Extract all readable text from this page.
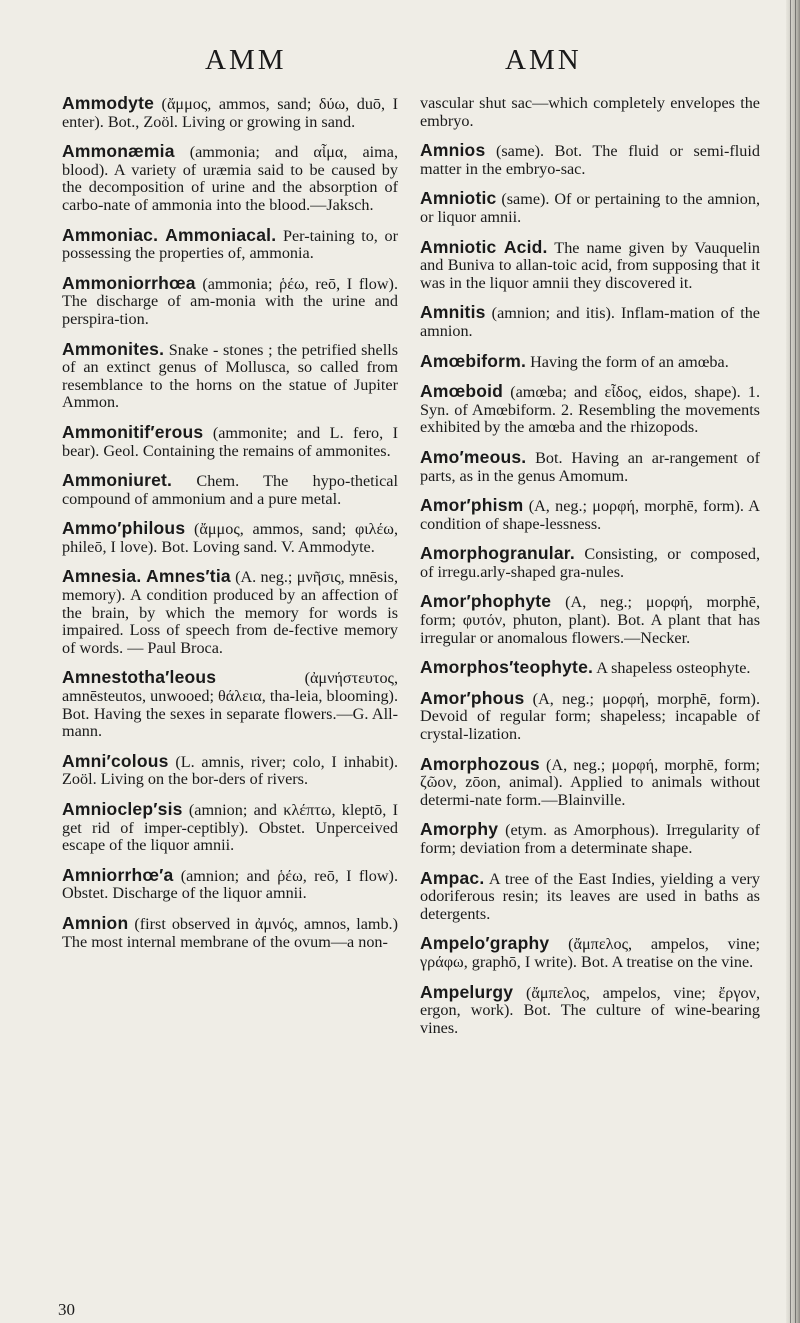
AMM	AMN

Ammodyte (ἄμμος, ammos, sand; δύω, duō, I enter). Bot., Zoöl. Living or growing in sand.

Ammonæmia (ammonia; and αἷμα, aima, blood). A variety of uræmia said to be caused by the decomposition of urine and the absorption of carbo-nate of ammonia into the blood.—Jaksch.

Ammoniac. Ammoniacal. Per-taining to, or possessing the properties of, ammonia.

Ammoniorrhœa (ammonia; ῥέω, reō, I flow). The discharge of am-monia with the urine and perspira-tion.

Ammonites. Snake - stones ; the petrified shells of an extinct genus of Mollusca, so called from resemblance to the horns on the statue of Jupiter Ammon.

Ammonitif′erous (ammonite; and L. fero, I bear). Geol. Containing the remains of ammonites.

Ammoniuret. Chem. The hypo-thetical compound of ammonium and a pure metal.

Ammo′philous (ἄμμος, ammos, sand; φιλέω, phileō, I love). Bot. Loving sand. V. Ammodyte.

Amnesia. Amnes′tia (A. neg.; μνῆσις, mnēsis, memory). A condition produced by an affection of the brain, by which the memory for words is impaired. Loss of speech from de-fective memory of words. — Paul Broca.

Amnestotha′leous (ἀμνήστευτος, amnēsteutos, unwooed; θάλεια, tha-leia, blooming). Bot. Having the sexes in separate flowers.—G. All-mann.

Amni′colous (L. amnis, river; colo, I inhabit). Zoöl. Living on the bor-ders of rivers.

Amnioclep′sis (amnion; and κλέπτω, kleptō, I get rid of imper-ceptibly). Obstet. Unperceived escape of the liquor amnii.

Amniorrhœ′a (amnion; and ῥέω, reō, I flow). Obstet. Discharge of the liquor amnii.

Amnion (first observed in ἀμνός, amnos, lamb.) The most internal membrane of the ovum—a non-

vascular shut sac—which completely envelopes the embryo.

Amnios (same). Bot. The fluid or semi-fluid matter in the embryo-sac.

Amniotic (same). Of or pertaining to the amnion, or liquor amnii.

Amniotic Acid. The name given by Vauquelin and Buniva to allan-toic acid, from supposing that it was in the liquor amnii they discovered it.

Amnitis (amnion; and itis). Inflam-mation of the amnion.

Amœbiform. Having the form of an amœba.

Amœboid (amœba; and εἶδος, eidos, shape). 1. Syn. of Amœbiform. 2. Resembling the movements exhibited by the amœba and the rhizopods.

Amo′meous. Bot. Having an ar-rangement of parts, as in the genus Amomum.

Amor′phism (A, neg.; μορφή, morphē, form). A condition of shape-lessness.

Amorphogranular. Consisting, or composed, of irregu.arly-shaped gra-nules.

Amor′phophyte (A, neg.; μορφή, morphē, form; φυτόν, phuton, plant). Bot. A plant that has irregular or anomalous flowers.—Necker.

Amorphos′teophyte. A shapeless osteophyte.

Amor′phous (A, neg.; μορφή, morphē, form). Devoid of regular form; shapeless; incapable of crystal-lization.

Amorphozous (A, neg.; μορφή, morphē, form; ζῶον, zōon, animal). Applied to animals without determi-nate form.—Blainville.

Amorphy (etym. as Amorphous). Irregularity of form; deviation from a determinate shape.

Ampac. A tree of the East Indies, yielding a very odoriferous resin; its leaves are used in baths as detergents.

Ampelo′graphy (ἄμπελος, ampelos, vine; γράφω, graphō, I write). Bot. A treatise on the vine.

Ampelurgy (ἄμπελος, ampelos, vine; ἔργον, ergon, work). Bot. The culture of wine-bearing vines.

30
